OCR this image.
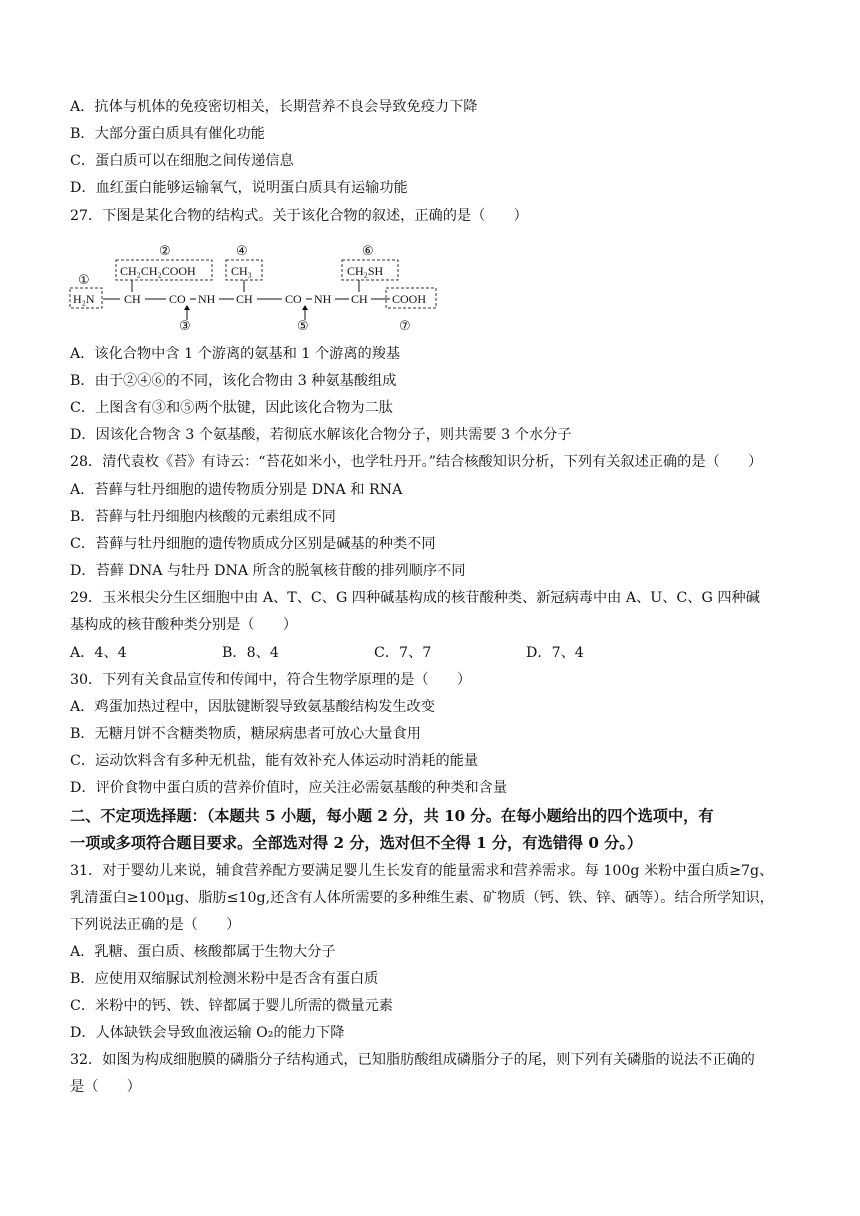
A．抗体与机体的免疫密切相关，长期营养不良会导致免疫力下降
B．大部分蛋白质具有催化功能
C．蛋白质可以在细胞之间传递信息
D．血红蛋白能够运输氧气，说明蛋白质具有运输功能
27．下图是某化合物的结构式。关于该化合物的叙述，正确的是（　　）
①
②	④	⑥
③	⑤	⑦
CH₂CH₂COOH	CH₃	CH₂SH
H₂N CH CO NH CH	CO NH CH COOH
A．该化合物中含 1 个游离的氨基和 1 个游离的羧基
B．由于②④⑥的不同，该化合物由 3 种氨基酸组成
C．上图含有③和⑤两个肽键，因此该化合物为二肽
D．因该化合物含 3 个氨基酸，若彻底水解该化合物分子，则共需要 3 个水分子
28．清代袁枚《苔》有诗云：“苔花如米小，也学牡丹开。”结合核酸知识分析，下列有关叙述正确的是（　　）
A．苔藓与牡丹细胞的遗传物质分别是 DNA 和 RNA
B．苔藓与牡丹细胞内核酸的元素组成不同
C．苔藓与牡丹细胞的遗传物质成分区别是碱基的种类不同
D．苔藓 DNA 与牡丹 DNA 所含的脱氧核苷酸的排列顺序不同
29．玉米根尖分生区细胞中由 A、T、C、G 四种碱基构成的核苷酸种类、新冠病毒中由 A、U、C、G 四种碱
基构成的核苷酸种类分别是（　　）
A．4、4	B．8、4	C．7、7	D．7、4
30．下列有关食品宣传和传闻中，符合生物学原理的是（　　）
A．鸡蛋加热过程中，因肽键断裂导致氨基酸结构发生改变
B．无糖月饼不含糖类物质，糖尿病患者可放心大量食用
C．运动饮料含有多种无机盐，能有效补充人体运动时消耗的能量
D．评价食物中蛋白质的营养价值时，应关注必需氨基酸的种类和含量
二、不定项选择题：（本题共 5 小题，每小题 2 分，共 10 分。在每小题给出的四个选项中，有
一项或多项符合题目要求。全部选对得 2 分，选对但不全得 1 分，有选错得 0 分。）
31．对于婴幼儿来说，辅食营养配方要满足婴儿生长发育的能量需求和营养需求。每 100g 米粉中蛋白质≥7g、
乳清蛋白≥100μg、脂肪≤10g,还含有人体所需要的多种维生素、矿物质（钙、铁、锌、硒等）。结合所学知识，
下列说法正确的是（　　）
A．乳糖、蛋白质、核酸都属于生物大分子
B．应使用双缩脲试剂检测米粉中是否含有蛋白质
C．米粉中的钙、铁、锌都属于婴儿所需的微量元素
D．人体缺铁会导致血液运输 O₂的能力下降
32．如图为构成细胞膜的磷脂分子结构通式，已知脂肪酸组成磷脂分子的尾，则下列有关磷脂的说法不正确的
是（　　）
